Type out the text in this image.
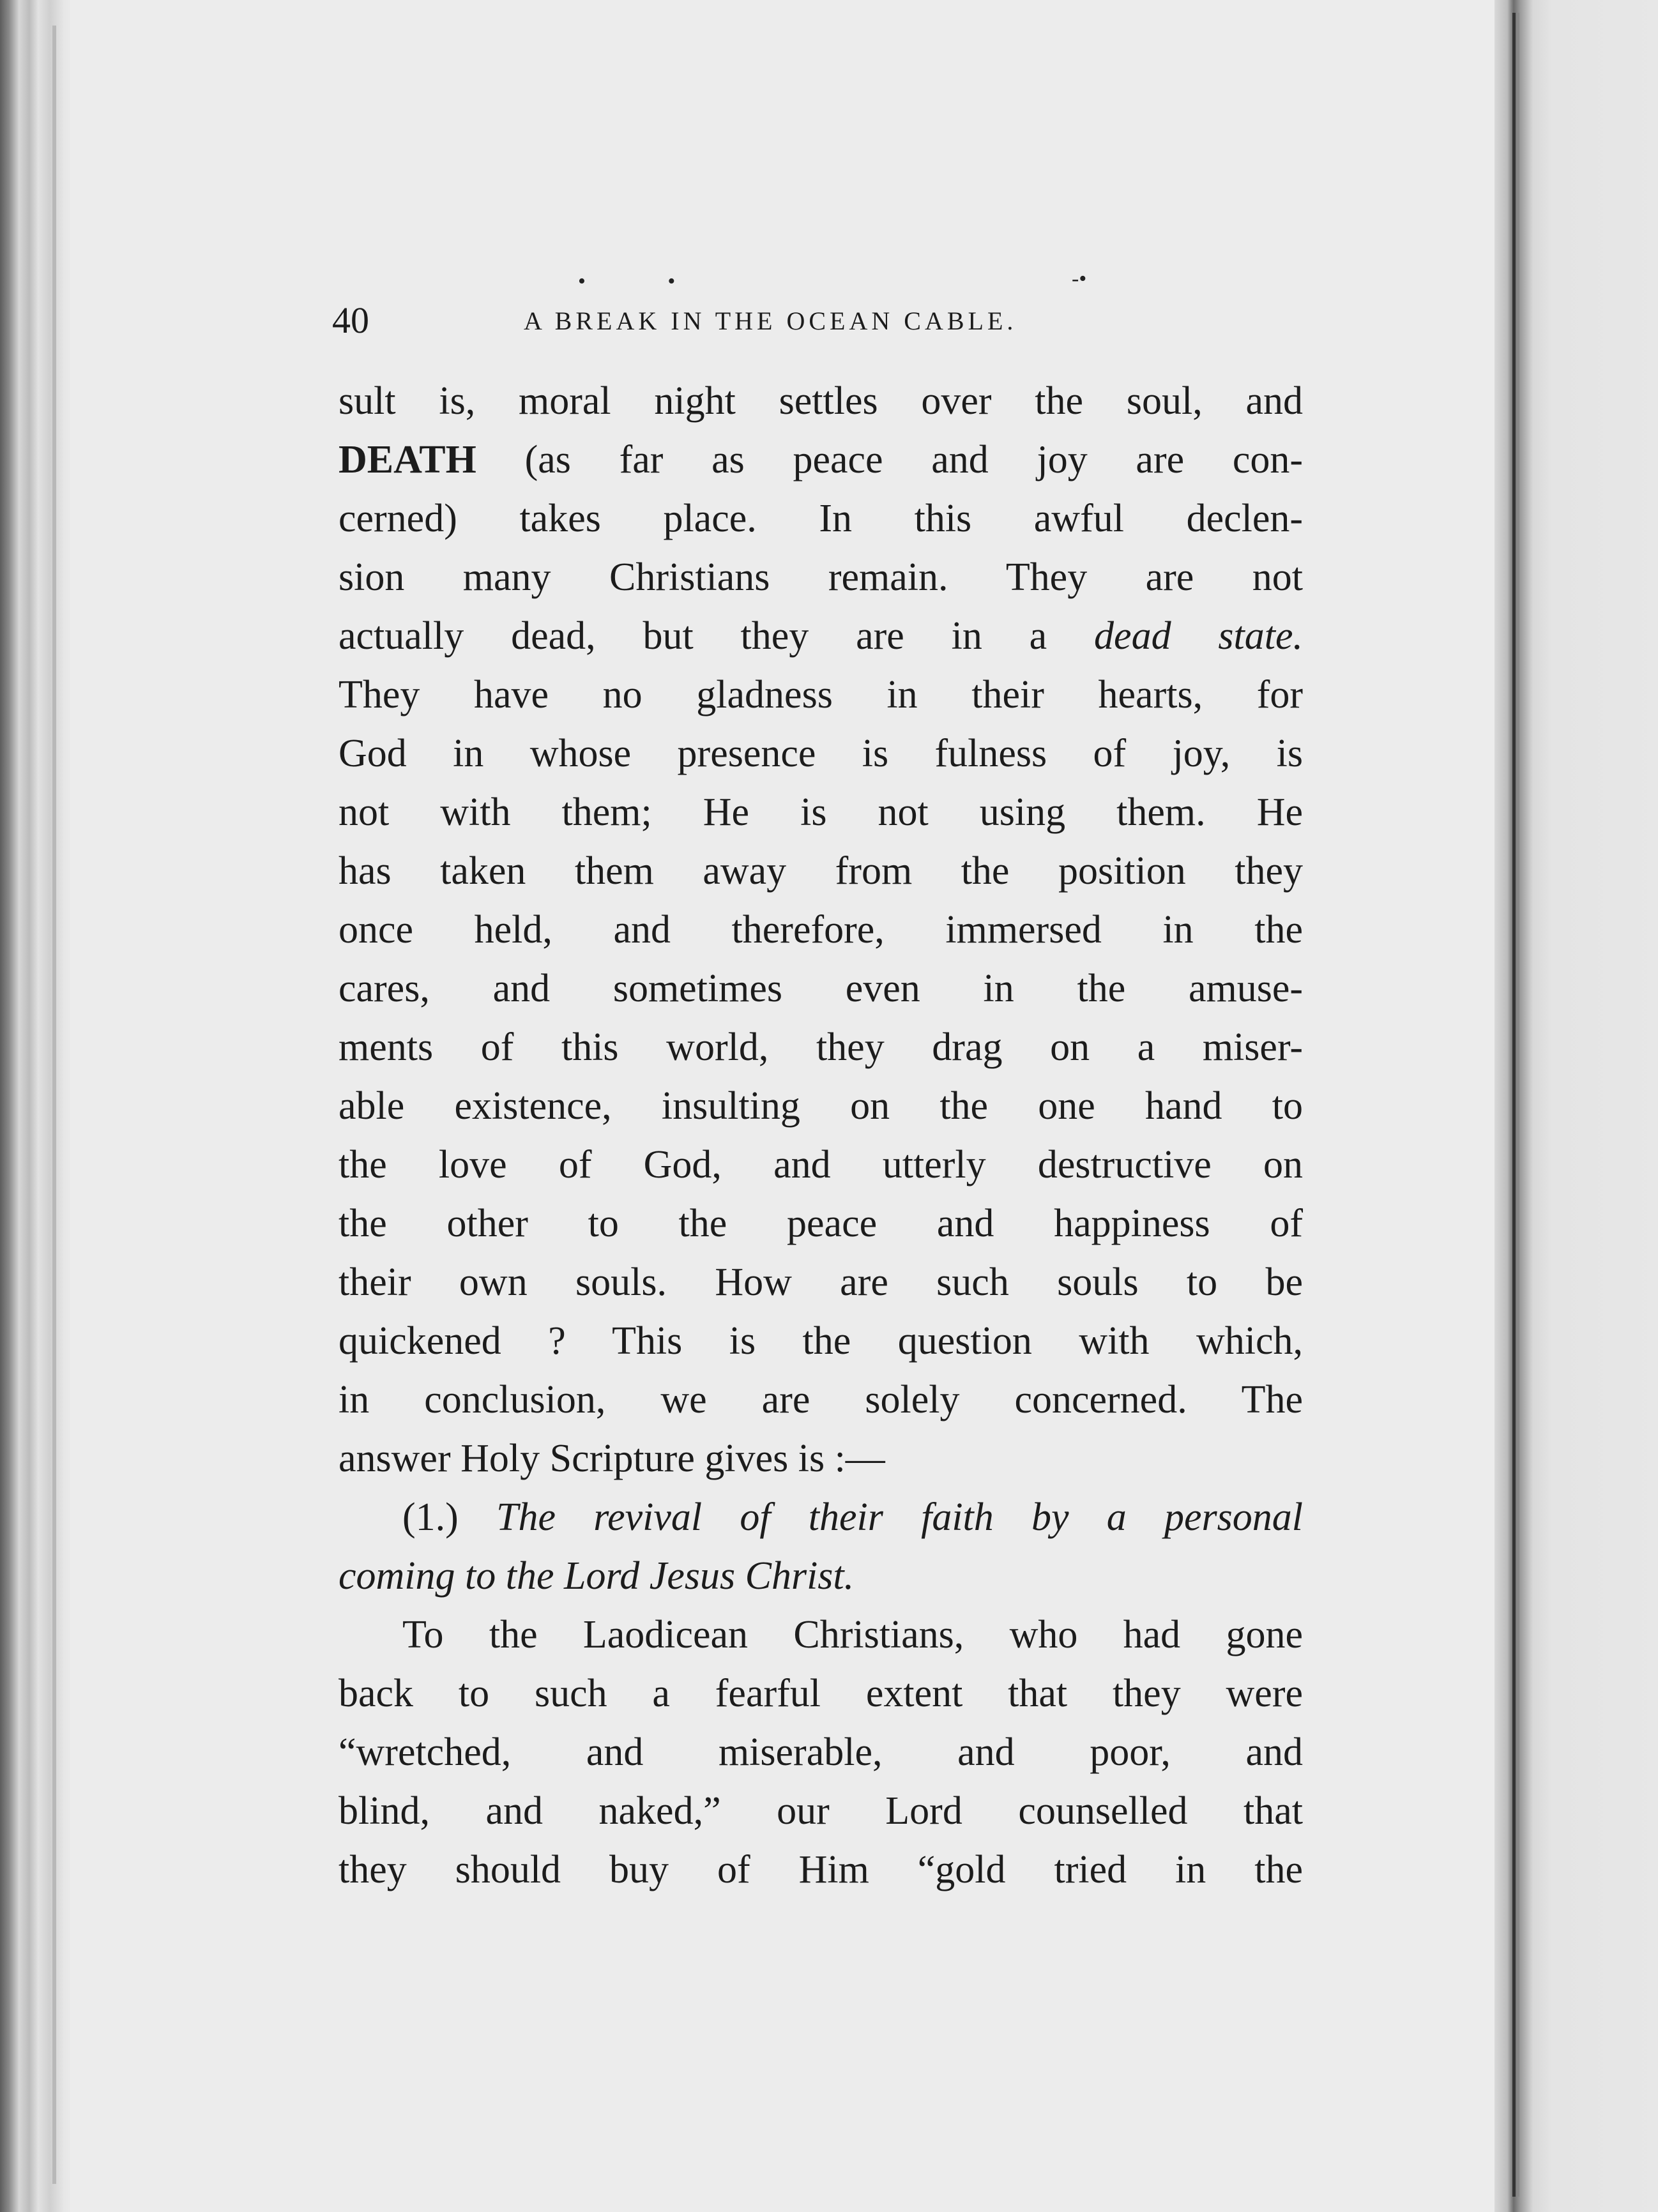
• •	-•
40	A BREAK IN THE OCEAN CABLE.
sult is, moral night settles over the soul, and
DEATH (as far as peace and joy are con-
cerned) takes place. In this awful declen-
sion many Christians remain. They are not
actually dead, but they are in a dead state.
They have no gladness in their hearts, for
God in whose presence is fulness of joy, is
not with them; He is not using them. He
has taken them away from the position they
once held, and therefore, immersed in the
cares, and sometimes even in the amuse-
ments of this world, they drag on a miser-
able existence, insulting on the one hand to
the love of God, and utterly destructive on
the other to the peace and happiness of
their own souls. How are such souls to be
quickened ? This is the question with which,
in conclusion, we are solely concerned. The
answer Holy Scripture gives is :—
(1.) The revival of their faith by a personal
coming to the Lord Jesus Christ.
To the Laodicean Christians, who had gone
back to such a fearful extent that they were
“wretched, and miserable, and poor, and
blind, and naked,” our Lord counselled that
they should buy of Him “gold tried in the
